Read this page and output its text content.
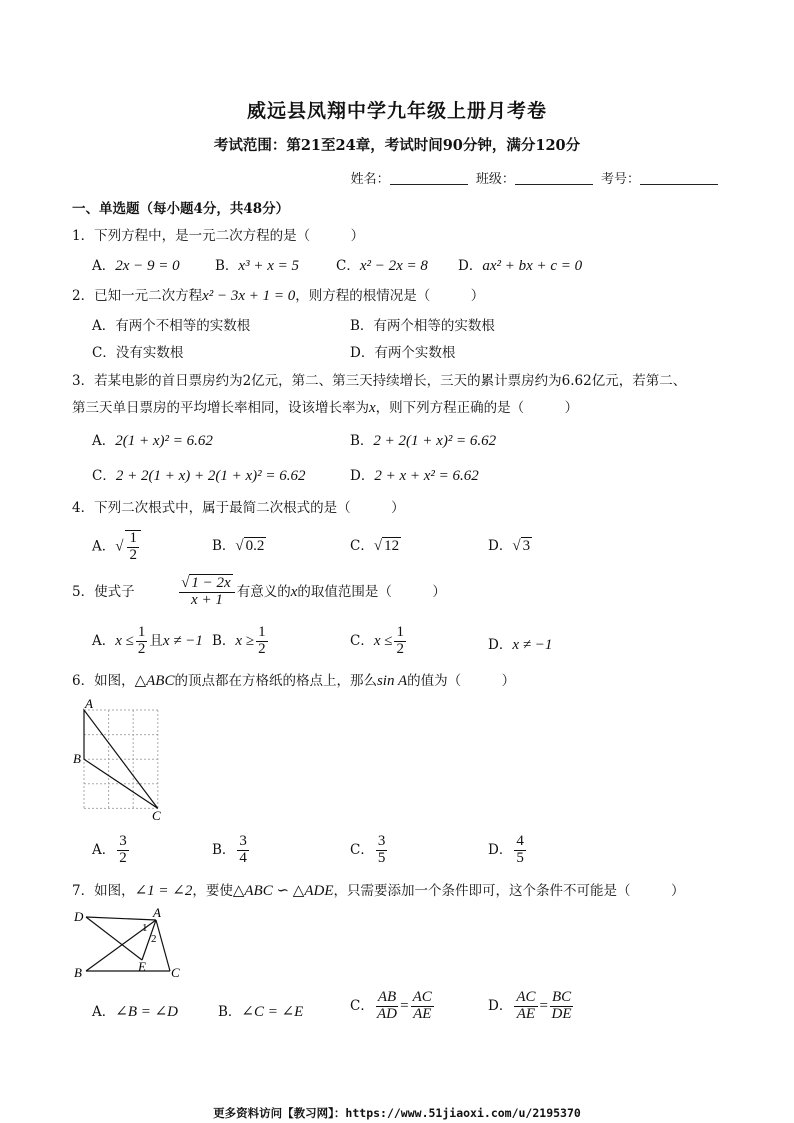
威远县凤翔中学九年级上册月考卷
考试范围：第21至24章，考试时间90分钟，满分120分
姓名：	班级：	考号：
一、单选题（每小题4分，共48分）
1．下列方程中，是一元二次方程的是（　　　）
A．2x − 9 = 0	B．x³ + x = 5	C．x² − 2x = 8 D．ax² + bx + c = 0
2．已知一元二次方程x² − 3x + 1 = 0，则方程的根情况是（　　　）
A．有两个不相等的实数根	B．有两个相等的实数根
C．没有实数根	D．有两个实数根
3．若某电影的首日票房约为2亿元，第二、第三天持续增长，三天的累计票房约为6.62亿元，若第二、
第三天单日票房的平均增长率相同，设该增长率为x，则下列方程正确的是（　　　）
A．2(1 + x)² = 6.62	B．2 + 2(1 + x)² = 6.62
C．2 + 2(1 + x) + 2(1 + x)² = 6.62	D．2 + x + x² = 6.62
4．下列二次根式中，属于最简二次根式的是（　　　）
A．√ $\frac{1}{2}$	B．√ 0.2	C．√ 12	D．√ 3
5．使式子	$\frac{√ 1 - 2x}{x + 1}$ 有意义的x的取值范围是（　　　）
A．$x \le \frac{1}{2}$ 且x ≠ −1 B．$x \ge \frac{1}{2}$	C．$x \le \frac{1}{2}$	D．x ≠ −1
6．如图，△ABC的顶点都在方格纸的格点上，那么sin A的值为（　　　）
A
B
C
A． $\frac{3}{2}$	B． $\frac{3}{4}$	C． $\frac{3}{5}$	D． $\frac{4}{5}$
7．如图，∠1 = ∠2，要使△ABC ∽ △ADE，只需要添加一个条件即可，这个条件不可能是（　　　）
D	A
B	E C
1
2
A．∠B = ∠D	B．∠C = ∠E	C． $\frac{AB}{AD} = \frac{AC}{AE}$	D． $\frac{AC}{AE} = \frac{BC}{DE}$
更多资料访问【教习网】：https://www.51jiaoxi.com/u/2195370
